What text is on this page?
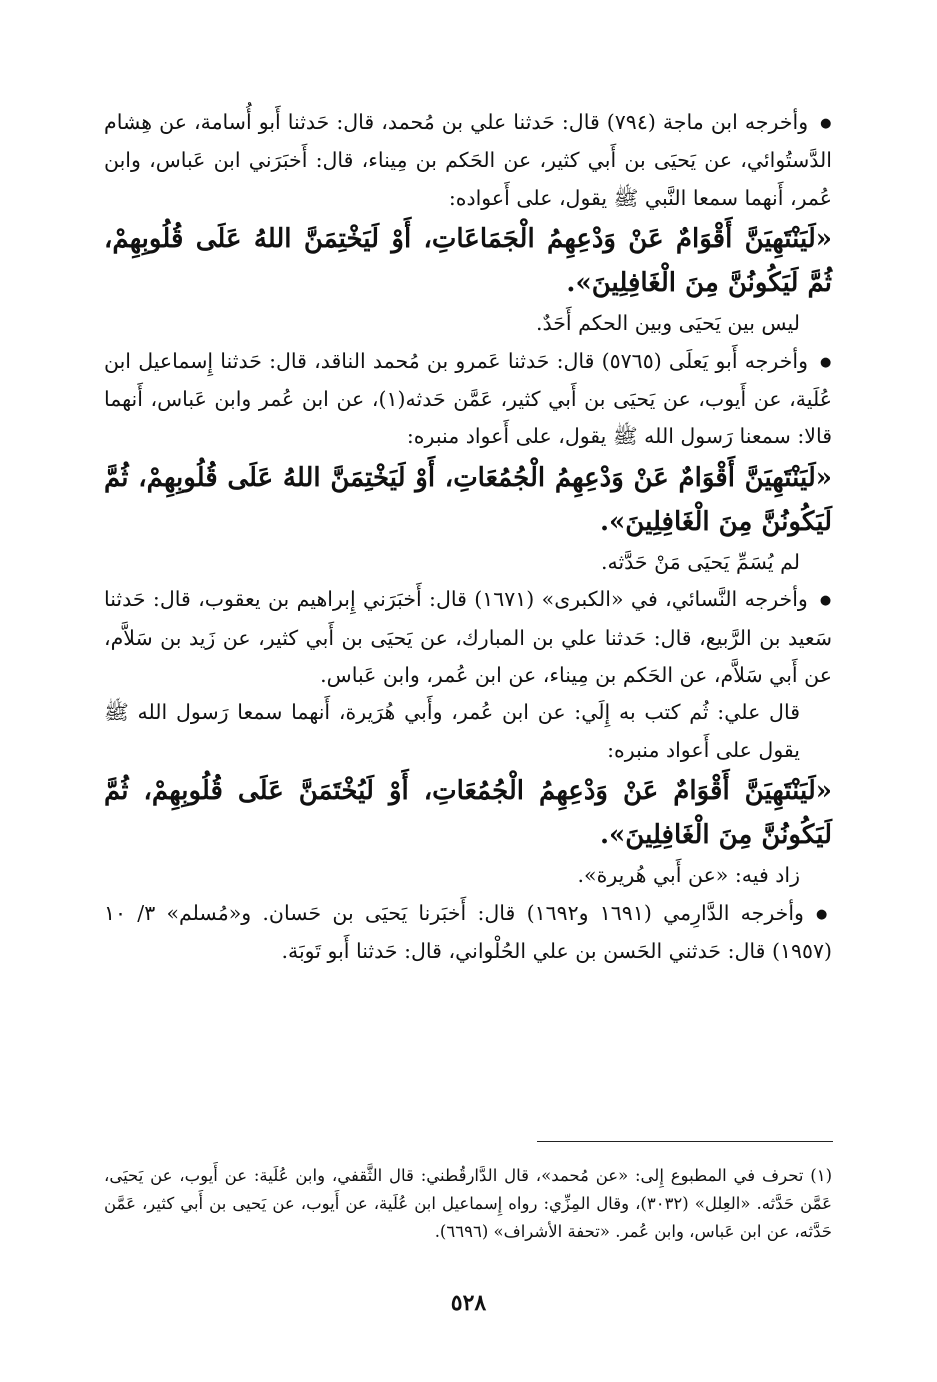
● وأخرجه ابن ماجة (٧٩٤) قال: حَدثنا علي بن مُحمد، قال: حَدثنا أَبو أُسامة، عن هِشام الدَّستُوائي، عن يَحيَى بن أَبي كثير، عن الحَكم بن مِيناء، قال: أَخبَرَني ابن عَباس، وابن عُمر، أَنهما سمعا النَّبي ﷺ يقول، على أَعواده:

«لَيَنْتَهِيَنَّ أَقْوَامٌ عَنْ وَدْعِهِمُ الْجَمَاعَاتِ، أَوْ لَيَخْتِمَنَّ اللهُ عَلَى قُلُوبِهِمْ، ثُمَّ لَيَكُونُنَّ مِنَ الْغَافِلِينَ».

ليس بين يَحيَى وبين الحكم أَحَدٌ.

● وأخرجه أَبو يَعلَى (٥٧٦٥) قال: حَدثنا عَمرو بن مُحمد الناقد، قال: حَدثنا إِسماعيل ابن عُلَية، عن أَيوب، عن يَحيَى بن أَبي كثير، عَمَّن حَدثه(١)، عن ابن عُمر وابن عَباس، أَنهما قالا: سمعنا رَسول الله ﷺ يقول، على أَعواد منبره:

«لَيَنْتَهِيَنَّ أَقْوَامٌ عَنْ وَدْعِهِمُ الْجُمُعَاتِ، أَوْ لَيَخْتِمَنَّ اللهُ عَلَى قُلُوبِهِمْ، ثُمَّ لَيَكُونُنَّ مِنَ الْغَافِلِينَ».

لم يُسَمِّ يَحيَى مَنْ حَدَّثه.

● وأخرجه النَّسائي، في «الكبرى» (١٦٧١) قال: أَخبَرَني إِبراهيم بن يعقوب، قال: حَدثنا سَعيد بن الرَّبيع، قال: حَدثنا علي بن المبارك، عن يَحيَى بن أَبي كثير، عن زَيد بن سَلاَّم، عن أَبي سَلاَّم، عن الحَكم بن مِيناء، عن ابن عُمر، وابن عَباس.

قال علي: ثُم كتب به إِلَي: عن ابن عُمر، وأَبي هُرَيرة، أَنهما سمعا رَسول الله ﷺ يقول على أَعواد منبره:

«لَيَنْتَهِيَنَّ أَقْوَامٌ عَنْ وَدْعِهِمُ الْجُمُعَاتِ، أَوْ لَيُخْتَمَنَّ عَلَى قُلُوبِهِمْ، ثُمَّ لَيَكُونُنَّ مِنَ الْغَافِلِينَ».

زاد فيه: «عن أَبي هُريرة».

● وأخرجه الدَّارِمي (١٦٩١ و١٦٩٢) قال: أَخبَرنا يَحيَى بن حَسان. و«مُسلم» ٣/ ١٠ (١٩٥٧) قال: حَدثني الحَسن بن علي الحُلْواني، قال: حَدثنا أَبو تَوبَة.

(١) تحرف في المطبوع إِلى: «عن مُحمد»، قال الدَّارقُطني: قال الثَّقفي، وابن عُلَية: عن أَيوب، عن يَحيَى، عَمَّن حَدَّثه. «العِلل» (٣٠٣٢)، وقال المِزِّي: رواه إِسماعيل ابن عُلَية، عن أَيوب، عن يَحيى بن أَبي كثير، عَمَّن حَدَّثه، عن ابن عَباس، وابن عُمر. «تحفة الأشراف» (٦٦٩٦).

٥٢٨
